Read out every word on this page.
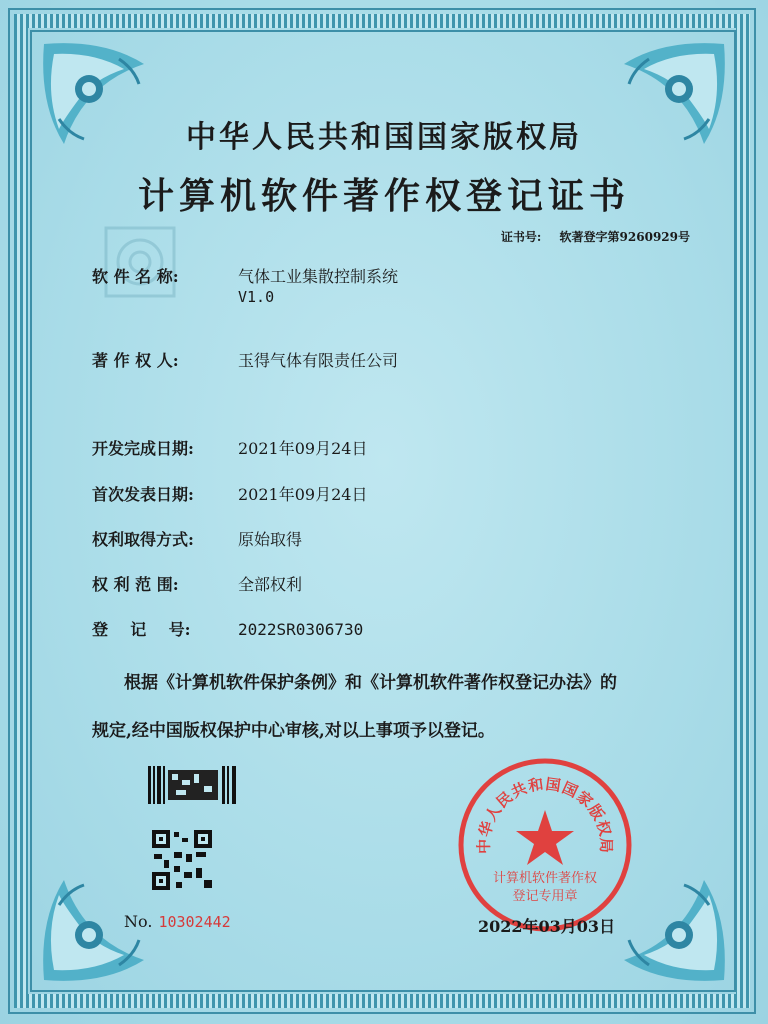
中华人民共和国国家版权局
计算机软件著作权登记证书
证书号: 软著登字第9260929号
软 件 名 称:	气体工业集散控制系统
V1.0
著 作 权 人:	玉得气体有限责任公司
开发完成日期:	2021年09月24日
首次发表日期:	2021年09月24日
权利取得方式:	原始取得
权 利 范 围:	全部权利
登    记    号:	2022SR0306730
根据《计算机软件保护条例》和《计算机软件著作权登记办法》的
规定,经中国版权保护中心审核,对以上事项予以登记。
No. 10302442
中华人民共和国国家版权局
计算机软件著作权
登记专用章
2022年03月03日
